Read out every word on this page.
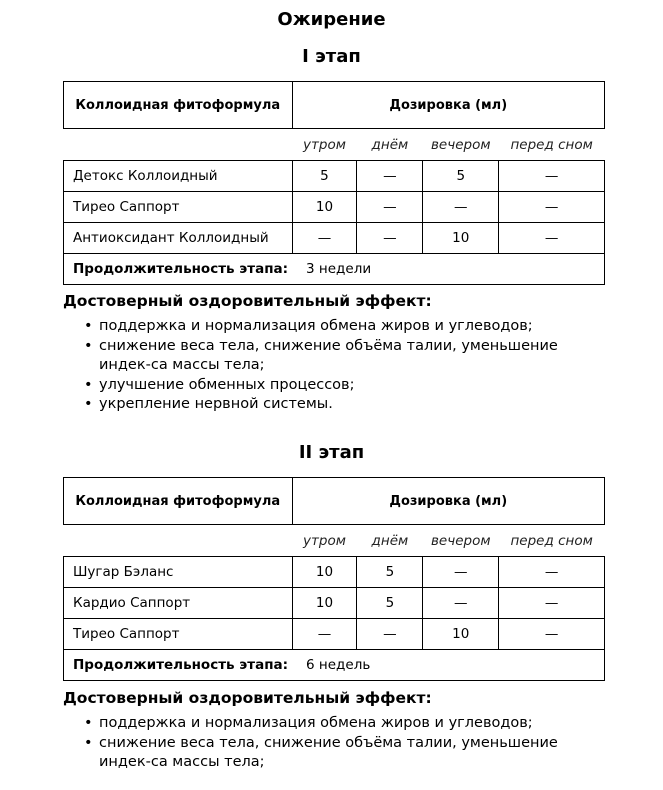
Ожирение
I этап
Коллоидная фитоформула	Дозировка (мл)			
	утром	днём	вечером	перед сном
Детокс Коллоидный	5	—	5	—
Тирео Саппорт	10	—	—	—
Антиоксидант Коллоидный	—	—	10	—
Продолжительность этапа: 3 недели				
Достоверный оздоровительный эффект:
• поддержка и нормализация обмена жиров и углеводов;
• снижение веса тела, снижение объёма талии, уменьшение индек-са массы тела;
• улучшение обменных процессов;
• укрепление нервной системы.
II этап
Коллоидная фитоформула	Дозировка (мл)			
	утром	днём	вечером	перед сном
Шугар Бэланс	10	5	—	—
Кардио Саппорт	10	5	—	—
Тирео Саппорт	—	—	10	—
Продолжительность этапа: 6 недель				
Достоверный оздоровительный эффект:
• поддержка и нормализация обмена жиров и углеводов;
• снижение веса тела, снижение объёма талии, уменьшение индек-са массы тела;
